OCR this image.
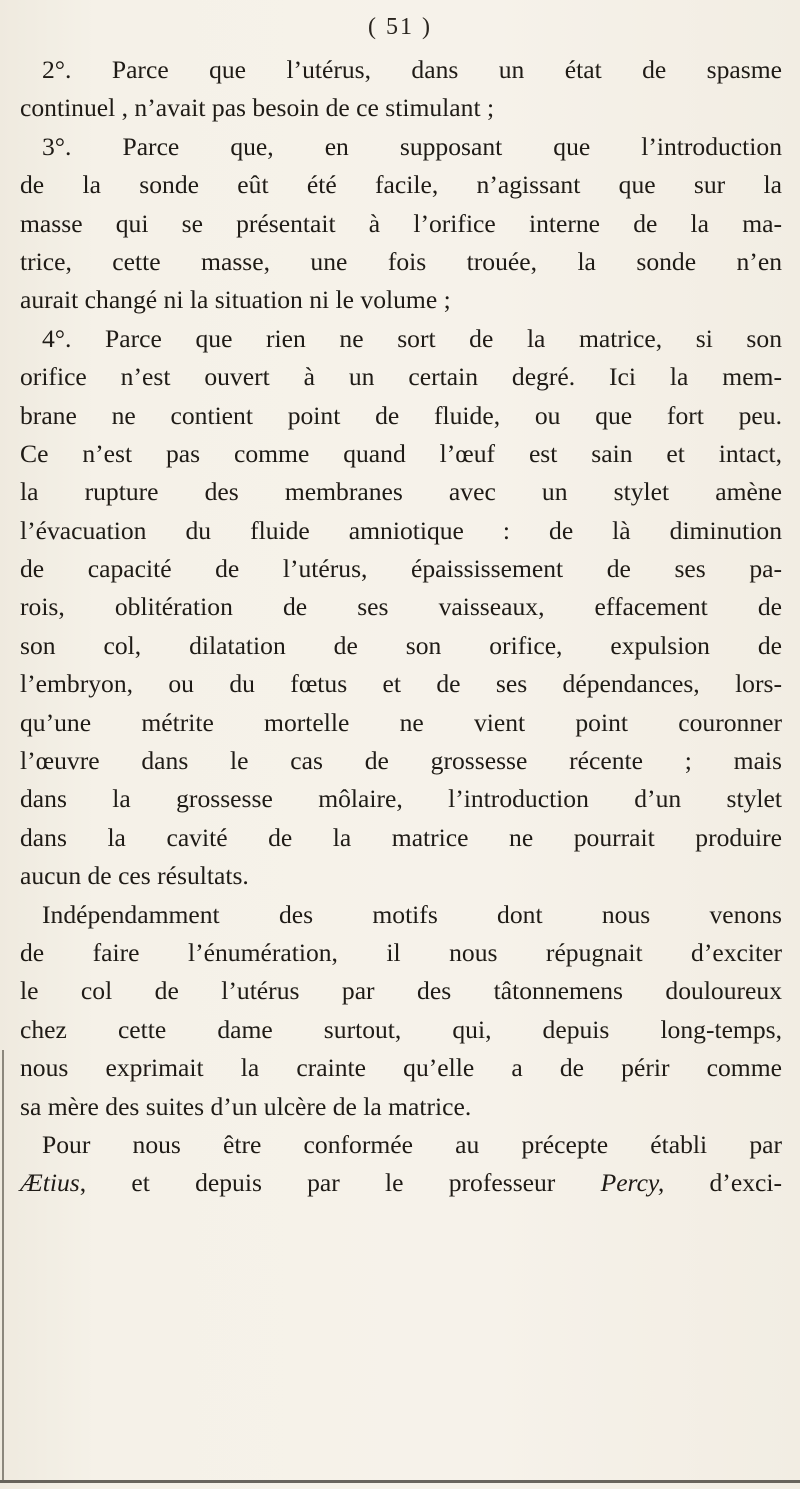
( 51 )
2°. Parce que l’utérus, dans un état de spasme
continuel , n’avait pas besoin de ce stimulant ;
3°. Parce que, en supposant que l’introduction
de la sonde eût été facile, n’agissant que sur la
masse qui se présentait à l’orifice interne de la ma-
trice, cette masse, une fois trouée, la sonde n’en
aurait changé ni la situation ni le volume ;
4°. Parce que rien ne sort de la matrice, si son
orifice n’est ouvert à un certain degré. Ici la mem-
brane ne contient point de fluide, ou que fort peu.
Ce n’est pas comme quand l’œuf est sain et intact,
la rupture des membranes avec un stylet amène
l’évacuation du fluide amniotique : de là diminution
de capacité de l’utérus, épaississement de ses pa-
rois, oblitération de ses vaisseaux, effacement de
son col, dilatation de son orifice, expulsion de
l’embryon, ou du fœtus et de ses dépendances, lors-
qu’une métrite mortelle ne vient point couronner
l’œuvre dans le cas de grossesse récente ; mais
dans la grossesse môlaire, l’introduction d’un stylet
dans la cavité de la matrice ne pourrait produire
aucun de ces résultats.
Indépendamment des motifs dont nous venons
de faire l’énumération, il nous répugnait d’exciter
le col de l’utérus par des tâtonnemens douloureux
chez cette dame surtout, qui, depuis long-temps,
nous exprimait la crainte qu’elle a de périr comme
sa mère des suites d’un ulcère de la matrice.
Pour nous être conformée au précepte établi par
Ætius, et depuis par le professeur Percy, d’exci-
